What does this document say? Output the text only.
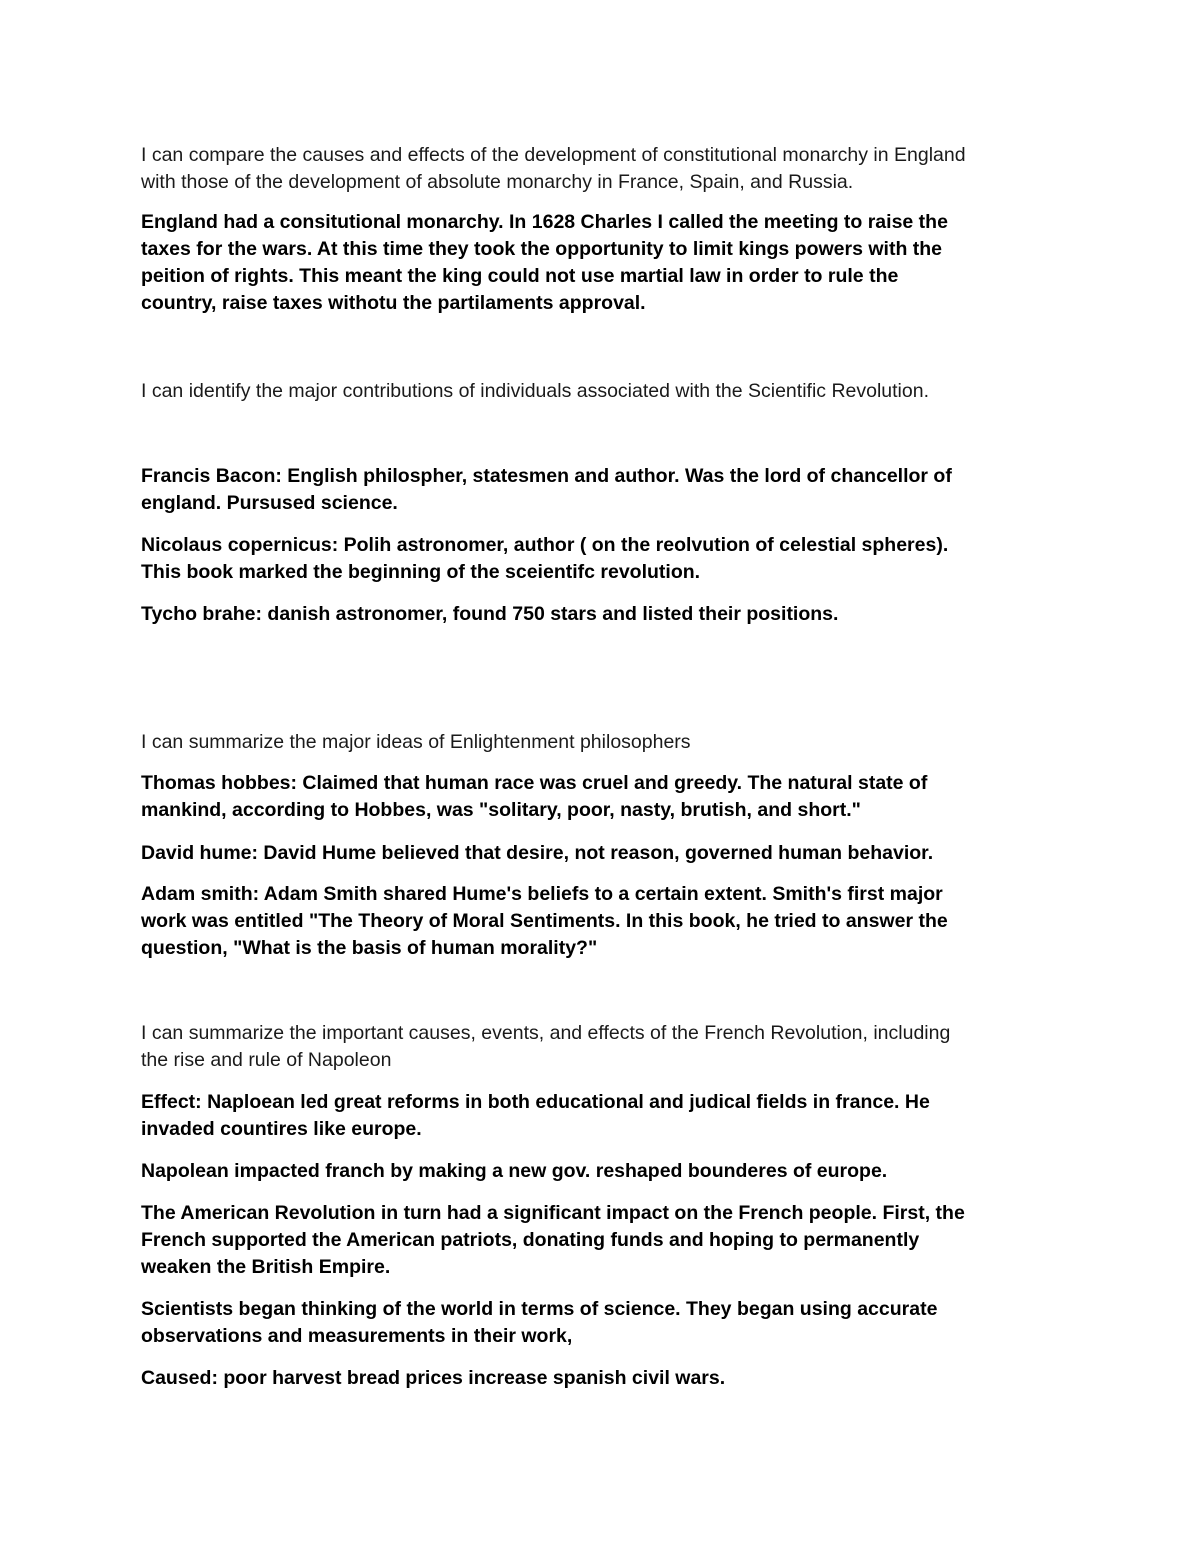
I can compare the causes and effects of the development of constitutional monarchy in England
with those of the development of absolute monarchy in France, Spain, and Russia.

England had a consitutional monarchy. In 1628 Charles I called the meeting to raise the
taxes for the wars. At this time they took the opportunity to limit kings powers with the
peition of rights. This meant the king could not use martial law in order to rule the
country, raise taxes withotu the partilaments approval.

I can identify the major contributions of individuals associated with the Scientific Revolution.

Francis Bacon: English philospher, statesmen and author. Was the lord of chancellor of
england. Pursused science.

Nicolaus copernicus: Polih astronomer, author ( on the reolvution of celestial spheres).
This book marked the beginning of the sceientifc revolution.

Tycho brahe: danish astronomer, found 750 stars and listed their positions.

I can summarize the major ideas of Enlightenment philosophers

Thomas hobbes: Claimed that human race was cruel and greedy. The natural state of
mankind, according to Hobbes, was "solitary, poor, nasty, brutish, and short."

David hume: David Hume believed that desire, not reason, governed human behavior.

Adam smith: Adam Smith shared Hume's beliefs to a certain extent. Smith's first major
work was entitled "The Theory of Moral Sentiments. In this book, he tried to answer the
question, "What is the basis of human morality?"

I can summarize the important causes, events, and effects of the French Revolution, including
the rise and rule of Napoleon

Effect: Naploean led great reforms in both educational and judical fields in france. He
invaded countires like europe.

Napolean impacted franch by making a new gov. reshaped bounderes of europe.

The American Revolution in turn had a significant impact on the French people. First, the
French supported the American patriots, donating funds and hoping to permanently
weaken the British Empire.

Scientists began thinking of the world in terms of science. They began using accurate
observations and measurements in their work,

Caused: poor harvest bread prices increase spanish civil wars.
